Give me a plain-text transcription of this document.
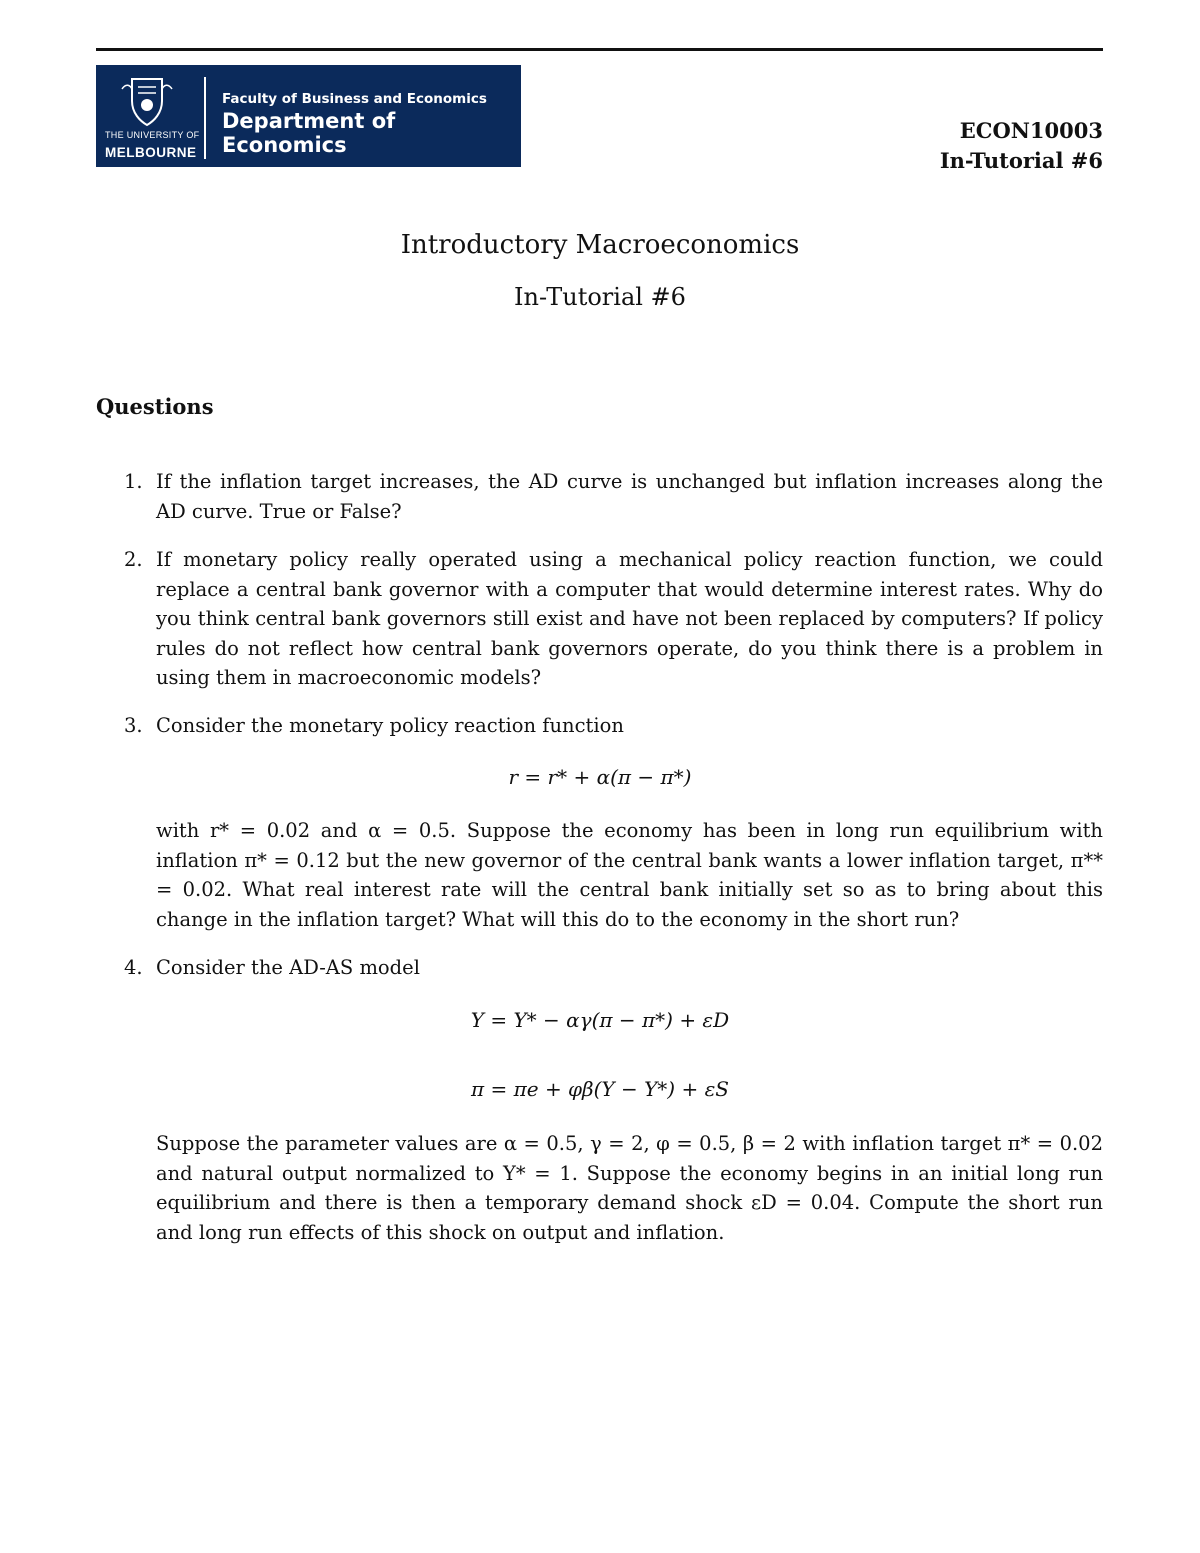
THE UNIVERSITY OF
MELBOURNE
Faculty of Business and Economics
Department of Economics
ECON10003
In-Tutorial #6
Introductory Macroeconomics
In-Tutorial #6
Questions
1. If the inflation target increases, the AD curve is unchanged but inflation increases along the AD curve. True or False?
2. If monetary policy really operated using a mechanical policy reaction function, we could replace a central bank governor with a computer that would determine interest rates. Why do you think central bank governors still exist and have not been replaced by computers? If policy rules do not reflect how central bank governors operate, do you think there is a problem in using them in macroeconomic models?
3. Consider the monetary policy reaction function
r = r* + α(π − π*)
with r* = 0.02 and α = 0.5. Suppose the economy has been in long run equilibrium with inflation π* = 0.12 but the new governor of the central bank wants a lower inflation target, π** = 0.02. What real interest rate will the central bank initially set so as to bring about this change in the inflation target? What will this do to the economy in the short run?
4. Consider the AD-AS model
Y = Y* − αγ(π − π*) + εD
π = πe + φβ(Y − Y*) + εS
Suppose the parameter values are α = 0.5, γ = 2, φ = 0.5, β = 2 with inflation target π* = 0.02 and natural output normalized to Y* = 1. Suppose the economy begins in an initial long run equilibrium and there is then a temporary demand shock εD = 0.04. Compute the short run and long run effects of this shock on output and inflation.
